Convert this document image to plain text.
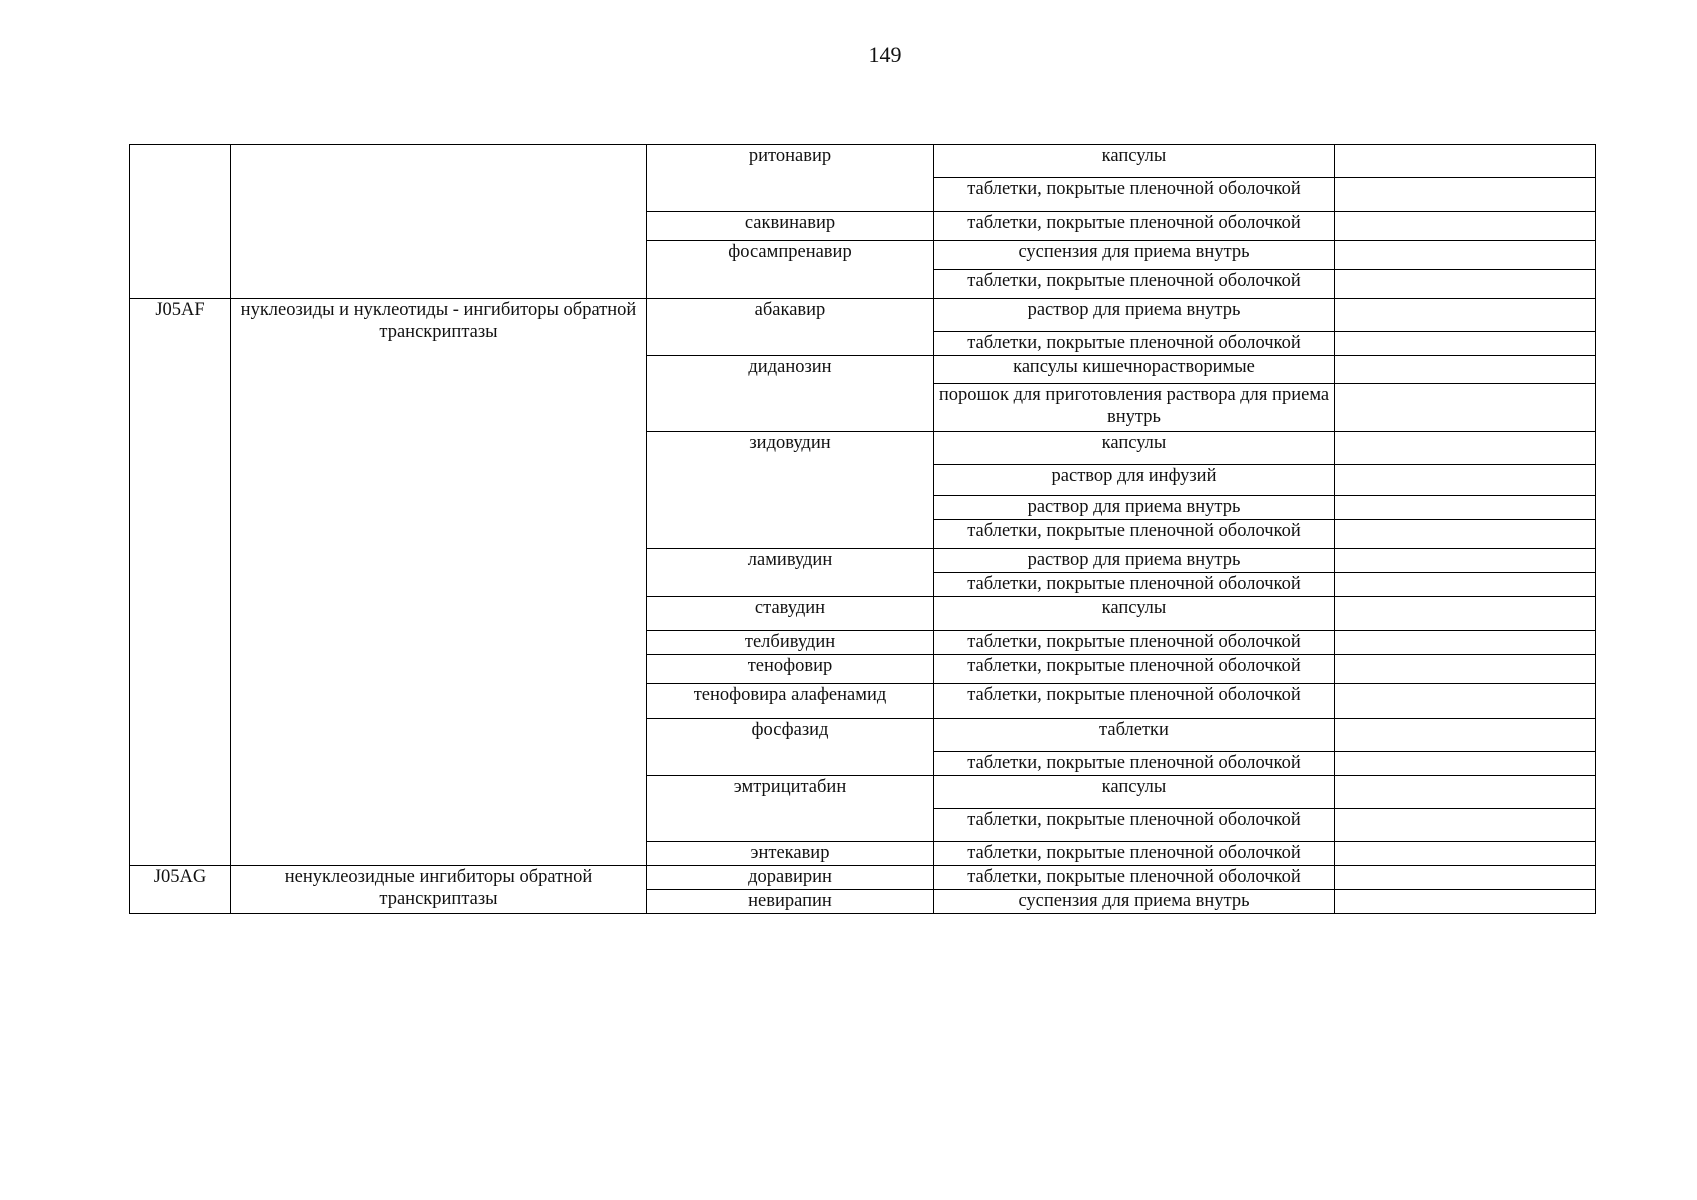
149
		ритонавир	капсулы	
			таблетки, покрытые пленочной оболочкой	
		саквинавир	таблетки, покрытые пленочной оболочкой	
		фосампренавир	суспензия для приема внутрь	
			таблетки, покрытые пленочной оболочкой	
J05AF	нуклеозиды и нуклеотиды - ингибиторы обратной транскриптазы	абакавир	раствор для приема внутрь	
			таблетки, покрытые пленочной оболочкой	
		диданозин	капсулы кишечнорастворимые	
			порошок для приготовления раствора для приема внутрь	
		зидовудин	капсулы	
			раствор для инфузий	
			раствор для приема внутрь	
			таблетки, покрытые пленочной оболочкой	
		ламивудин	раствор для приема внутрь	
			таблетки, покрытые пленочной оболочкой	
		ставудин	капсулы	
		телбивудин	таблетки, покрытые пленочной оболочкой	
		тенофовир	таблетки, покрытые пленочной оболочкой	
		тенофовира алафенамид	таблетки, покрытые пленочной оболочкой	
		фосфазид	таблетки	
			таблетки, покрытые пленочной оболочкой	
		эмтрицитабин	капсулы	
			таблетки, покрытые пленочной оболочкой	
		энтекавир	таблетки, покрытые пленочной оболочкой	
J05AG	ненуклеозидные ингибиторы обратной транскриптазы	доравирин	таблетки, покрытые пленочной оболочкой	
		невирапин	суспензия для приема внутрь	
